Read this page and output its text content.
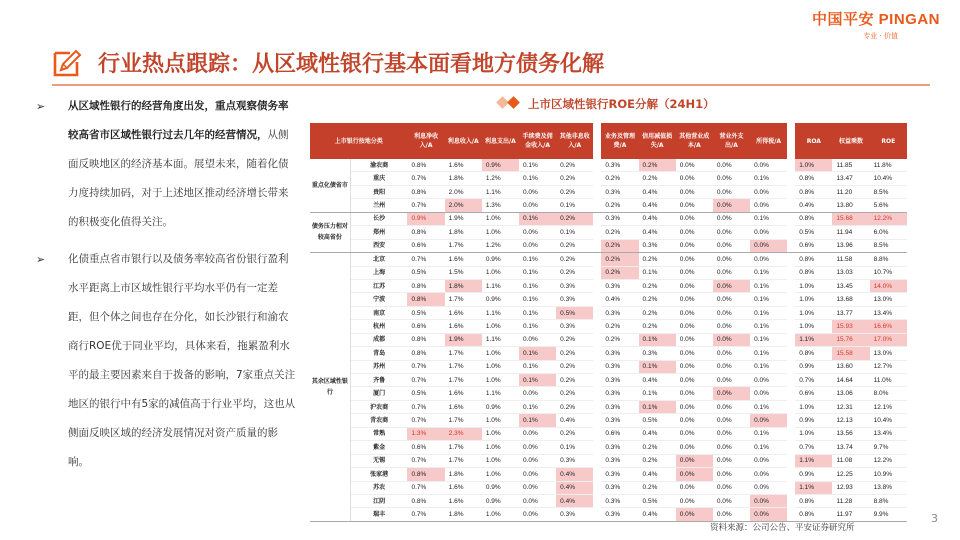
中国平安 PINGAN
专业 · 价值
行业热点跟踪：从区域性银行基本面看地方债务化解
➢ 从区域性银行的经营角度出发，重点观察债务率较高省市区域性银行过去几年的经营情况，从侧面反映地区的经济基本面。展望未来，随着化债力度持续加码，对于上述地区推动经济增长带来的积极变化值得关注。
➢ 化债重点省市银行以及债务率较高省份银行盈利水平距离上市区域性银行平均水平仍有一定差距，但个体之间也存在分化，如长沙银行和渝农商行ROE优于同业平均，具体来看，拖累盈利水平的最主要因素来自于拨备的影响，7家重点关注地区的银行中有5家的减值高于行业平均，这也从侧面反映区域的经济发展情况对资产质量的影响。
上市区域性银行ROE分解（24H1）
上市银行按地分类		利息净收入/A	利息收入/A	利息支出/A	手续费及佣金收入/A	其他非息收入/A		业务及管理费/A	信用减值损失/A	其他营业成本/A	营业外支出/A	所得税/A		ROA	权益乘数	ROE
重点化债省市	渝农商	0.8%	1.6%	0.9%	0.1%	0.2%		0.3%	0.2%	0.0%	0.0%	0.0%		1.0%	11.85	11.8%
	重庆	0.7%	1.8%	1.2%	0.1%	0.2%		0.2%	0.2%	0.0%	0.0%	0.1%		0.8%	13.47	10.4%
	贵阳	0.8%	2.0%	1.1%	0.0%	0.2%		0.3%	0.4%	0.0%	0.0%	0.0%		0.8%	11.20	8.5%
	兰州	0.7%	2.0%	1.3%	0.0%	0.1%		0.2%	0.4%	0.0%	0.0%	0.0%		0.4%	13.80	5.6%
债务压力相对较高省份	长沙	0.9%	1.9%	1.0%	0.1%	0.2%		0.3%	0.4%	0.0%	0.0%	0.1%		0.8%	15.68	12.2%
	郑州	0.8%	1.8%	1.0%	0.0%	0.1%		0.2%	0.4%	0.0%	0.0%	0.0%		0.5%	11.94	6.0%
	西安	0.6%	1.7%	1.2%	0.0%	0.2%		0.2%	0.3%	0.0%	0.0%	0.0%		0.6%	13.96	8.5%
其余区域性银行	北京	0.7%	1.6%	0.9%	0.1%	0.2%		0.2%	0.2%	0.0%	0.0%	0.0%		0.8%	11.58	8.8%
	上海	0.5%	1.5%	1.0%	0.1%	0.2%		0.2%	0.1%	0.0%	0.0%	0.1%		0.8%	13.03	10.7%
	江苏	0.8%	1.8%	1.1%	0.1%	0.3%		0.3%	0.2%	0.0%	0.0%	0.1%		1.0%	13.45	14.0%
	宁波	0.8%	1.7%	0.9%	0.1%	0.3%		0.4%	0.2%	0.0%	0.0%	0.1%		1.0%	13.68	13.0%
	南京	0.5%	1.6%	1.1%	0.1%	0.5%		0.3%	0.2%	0.0%	0.0%	0.1%		1.0%	13.77	13.4%
	杭州	0.6%	1.6%	1.0%	0.1%	0.3%		0.2%	0.2%	0.0%	0.0%	0.1%		1.0%	15.93	16.6%
	成都	0.8%	1.9%	1.1%	0.0%	0.2%		0.2%	0.1%	0.0%	0.0%	0.1%		1.1%	15.76	17.0%
	青岛	0.8%	1.7%	1.0%	0.1%	0.2%		0.3%	0.3%	0.0%	0.0%	0.1%		0.8%	15.58	13.0%
	苏州	0.7%	1.7%	1.0%	0.1%	0.2%		0.3%	0.1%	0.0%	0.0%	0.1%		0.9%	13.60	12.7%
	齐鲁	0.7%	1.7%	1.0%	0.1%	0.2%		0.3%	0.4%	0.0%	0.0%	0.0%		0.7%	14.64	11.0%
	厦门	0.5%	1.6%	1.1%	0.0%	0.2%		0.3%	0.1%	0.0%	0.0%	0.0%		0.6%	13.06	8.0%
	沪农商	0.7%	1.6%	0.9%	0.1%	0.2%		0.3%	0.1%	0.0%	0.0%	0.1%		1.0%	12.31	12.1%
	青农商	0.7%	1.7%	1.0%	0.1%	0.4%		0.3%	0.5%	0.0%	0.0%	0.0%		0.9%	12.13	10.4%
	常熟	1.3%	2.3%	1.0%	0.0%	0.2%		0.6%	0.4%	0.0%	0.0%	0.1%		1.0%	13.56	13.4%
	紫金	0.6%	1.7%	1.0%	0.0%	0.1%		0.3%	0.2%	0.0%	0.0%	0.1%		0.7%	13.74	9.7%
	无锡	0.7%	1.7%	1.0%	0.0%	0.3%		0.3%	0.2%	0.0%	0.0%	0.0%		1.1%	11.08	12.2%
	张家港	0.8%	1.8%	1.0%	0.0%	0.4%		0.3%	0.4%	0.0%	0.0%	0.0%		0.9%	12.25	10.9%
	苏农	0.7%	1.6%	0.9%	0.0%	0.4%		0.3%	0.2%	0.0%	0.0%	0.0%		1.1%	12.93	13.8%
	江阴	0.8%	1.6%	0.9%	0.0%	0.4%		0.3%	0.5%	0.0%	0.0%	0.0%		0.8%	11.28	8.8%
	瑞丰	0.7%	1.8%	1.0%	0.0%	0.3%		0.3%	0.4%	0.0%	0.0%	0.0%		0.8%	11.97	9.9%
资料来源：公司公告、平安证券研究所
3
